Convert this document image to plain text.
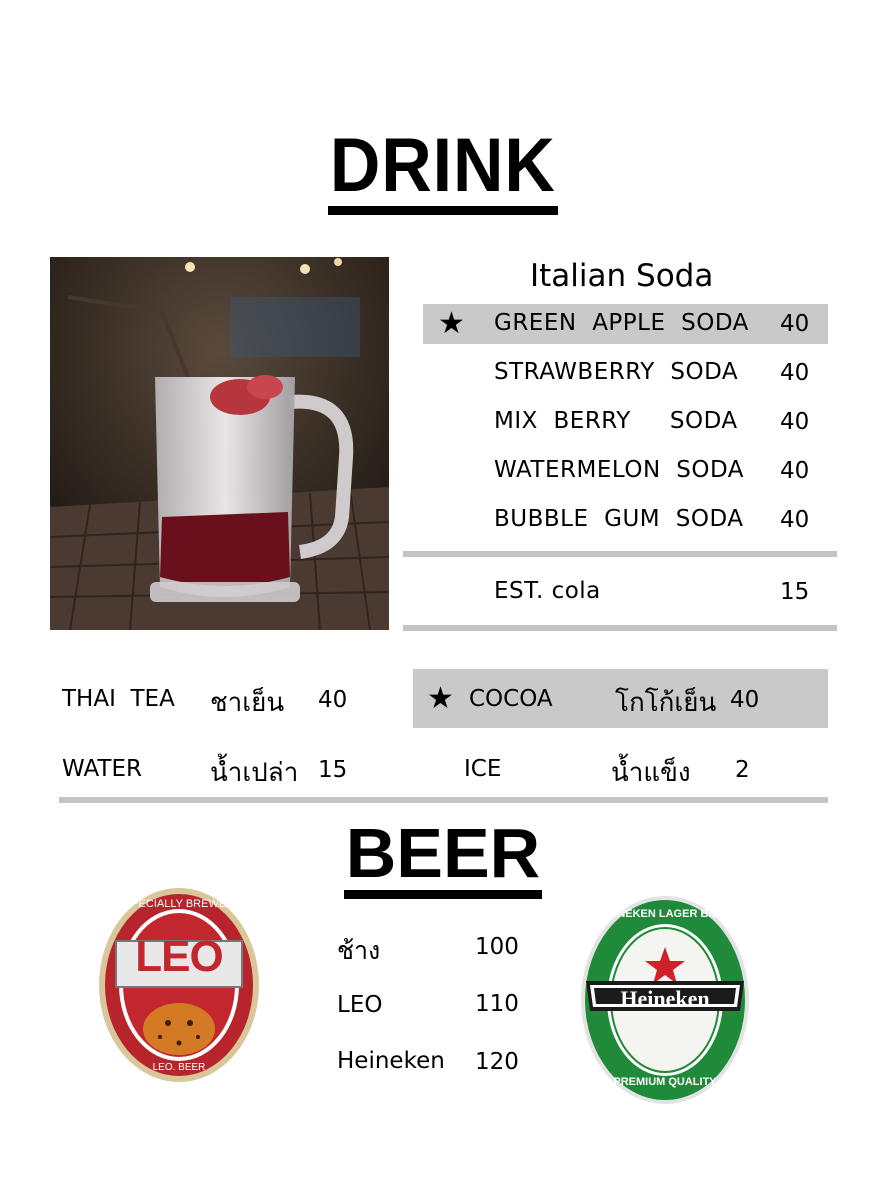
DRINK
Italian Soda
★ GREEN  APPLE  SODA 40
STRAWBERRY  SODA 40
MIX  BERRY     SODA 40
WATERMELON  SODA 40
BUBBLE  GUM  SODA 40
EST. cola	15
★
THAI  TEA ชาเย็น 40	COCOA โกโก้เย็น 40
WATER	น้ำเปล่า 15	ICE	น้ำแข็ง 2
BEER
SPECIALLY BREWED
LEO
LEO. BEER
ช้าง	100
LEO	110
Heineken 120
HEINEKEN LAGER BEER
Heineken
PREMIUM QUALITY
